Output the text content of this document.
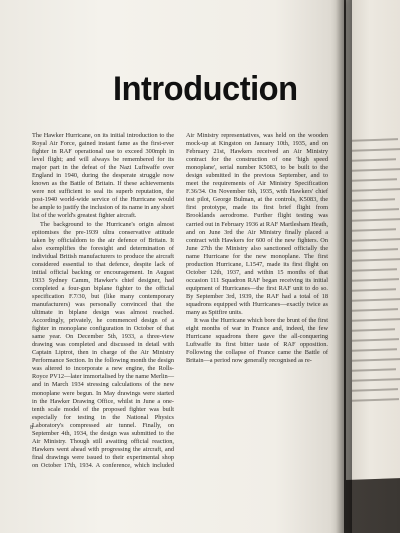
Introduction

The Hawker Hurricane, on its initial introduction to the Royal Air Force, gained instant fame as the first-ever fighter in RAF operational use to exceed 300mph in level flight; and will always be remembered for its major part in the defeat of the Nazi Luftwaffe over England in 1940, during the desperate struggle now known as the Battle of Britain. If these achievements were not sufficient to seal its superb reputation, the post-1940 world-wide service of the Hurricane would be ample to justify the inclusion of its name in any short list of the world's greatest fighter aircraft.

The background to the Hurricane's origin almost epitomises the pre-1939 ultra conservative attitude taken by officialdom to the air defence of Britain. It also exemplifies the foresight and determination of individual British manufacturers to produce the aircraft considered essential to that defence, despite lack of initial official backing or encouragement. In August 1933 Sydney Camm, Hawker's chief designer, had completed a four-gun biplane fighter to the official specification F.7/30, but (like many contemporary manufacturers) was personally convinced that the ultimate in biplane design was almost reached. Accordingly, privately, he commenced design of a fighter in monoplane configuration in October of that same year. On December 5th, 1933, a three-view drawing was completed and discussed in detail with Captain Liptrot, then in charge of the Air Ministry Performance Section. In the following month the design was altered to incorporate a new engine, the Rolls-Royce PV12—later immortalised by the name Merlin—and in March 1934 stressing calculations of the new monoplane were begun. In May drawings were started in the Hawker Drawing Office, whilst in June a one-tenth scale model of the proposed fighter was built especially for testing in the National Physics Laboratory's compressed air tunnel. Finally, on September 4th, 1934, the design was submitted to the Air Ministry. Though still awaiting official reaction, Hawkers went ahead with progressing the aircraft, and final drawings were issued to their experimental shop on October 17th, 1934. A conference, which included Air Ministry representatives, was held on the wooden mock-up at Kingston on January 10th, 1935, and on February 21st, Hawkers received an Air Ministry contract for the construction of one 'high speed monoplane', serial number K5083, to be built to the design submitted in the previous September, and to meet the requirements of Air Ministry Specification F.36/34. On November 6th, 1935, with Hawkers' chief test pilot, George Bulman, at the controls, K5083, the first prototype, made its first brief flight from Brooklands aerodrome. Further flight testing was carried out in February 1936 at RAF Martlesham Heath, and on June 3rd the Air Ministry finally placed a contract with Hawkers for 600 of the new fighters. On June 27th the Ministry also sanctioned officially the name Hurricane for the new monoplane. The first production Hurricane, L1547, made its first flight on October 12th, 1937, and within 15 months of that occasion 111 Squadron RAF began receiving its initial equipment of Hurricanes—the first RAF unit to do so. By September 3rd, 1939, the RAF had a total of 18 squadrons equipped with Hurricanes—exactly twice as many as Spitfire units.

It was the Hurricane which bore the brunt of the first eight months of war in France and, indeed, the few Hurricane squadrons there gave the all-conquering Luftwaffe its first bitter taste of RAF opposition. Following the collapse of France came the Battle of Britain—a period now generally recognised as re-

8
